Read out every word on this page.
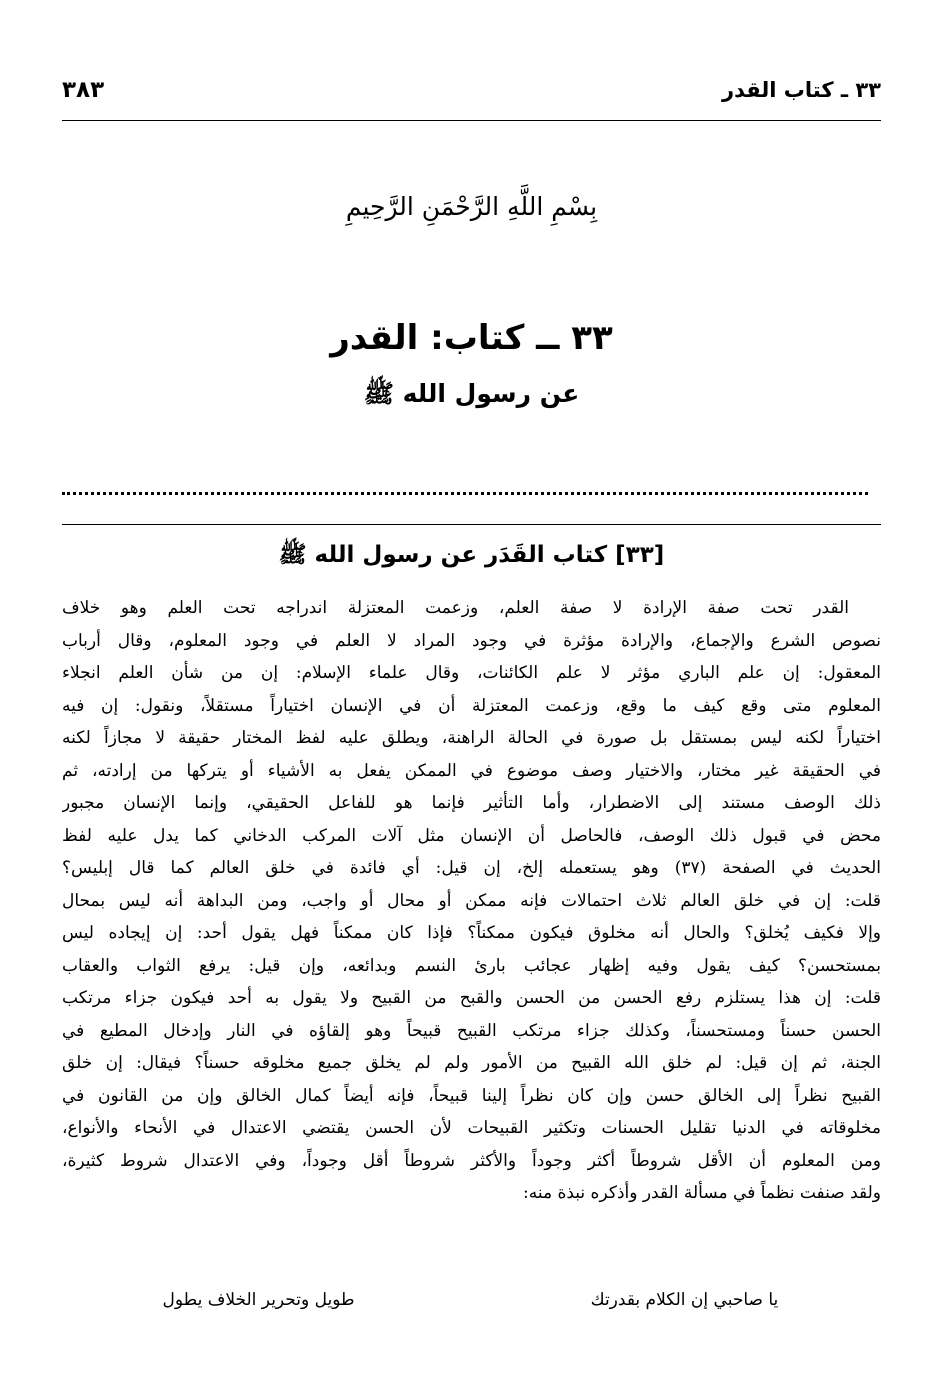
٣٣ ـ كتاب القدر
٣٨٣
بِسْمِ اللَّهِ الرَّحْمَنِ الرَّحِيمِ
٣٣ ــ كتاب: القدر
عن رسول الله ﷺ
[٣٣] كتاب القَدَر عن رسول الله ﷺ
القدر تحت صفة الإرادة لا صفة العلم، وزعمت المعتزلة اندراجه تحت العلم وهو خلاف
نصوص الشرع والإجماع، والإرادة مؤثرة في وجود المراد لا العلم في وجود المعلوم، وقال أرباب
المعقول: إن علم الباري مؤثر لا علم الكائنات، وقال علماء الإسلام: إن من شأن العلم انجلاء
المعلوم متى وقع كيف ما وقع، وزعمت المعتزلة أن في الإنسان اختياراً مستقلاً، ونقول: إن فيه
اختياراً لكنه ليس بمستقل بل صورة في الحالة الراهنة، ويطلق عليه لفظ المختار حقيقة لا مجازاً لكنه
في الحقيقة غير مختار، والاختيار وصف موضوع في الممكن يفعل به الأشياء أو يتركها من إرادته، ثم
ذلك الوصف مستند إلى الاضطرار، وأما التأثير فإنما هو للفاعل الحقيقي، وإنما الإنسان مجبور
محض في قبول ذلك الوصف، فالحاصل أن الإنسان مثل آلات المركب الدخاني كما يدل عليه لفظ
الحديث في الصفحة (٣٧) وهو يستعمله إلخ، إن قيل: أي فائدة في خلق العالم كما قال إبليس؟
قلت: إن في خلق العالم ثلاث احتمالات فإنه ممكن أو محال أو واجب، ومن البداهة أنه ليس بمحال
وإلا فكيف يُخلق؟ والحال أنه مخلوق فيكون ممكناً؟ فإذا كان ممكناً فهل يقول أحد: إن إيجاده ليس
بمستحسن؟ كيف يقول وفيه إظهار عجائب بارئ النسم وبدائعه، وإن قيل: يرفع الثواب والعقاب
قلت: إن هذا يستلزم رفع الحسن من الحسن والقبح من القبيح ولا يقول به أحد فيكون جزاء مرتكب
الحسن حسناً ومستحسناً، وكذلك جزاء مرتكب القبيح قبيحاً وهو إلقاؤه في النار وإدخال المطيع في
الجنة، ثم إن قيل: لم خلق الله القبيح من الأمور ولم لم يخلق جميع مخلوقه حسناً؟ فيقال: إن خلق
القبيح نظراً إلى الخالق حسن وإن كان نظراً إلينا قبيحاً، فإنه أيضاً كمال الخالق وإن من القانون في
مخلوقاته في الدنيا تقليل الحسنات وتكثير القبيحات لأن الحسن يقتضي الاعتدال في الأنحاء والأنواع،
ومن المعلوم أن الأقل شروطاً أكثر وجوداً والأكثر شروطاً أقل وجوداً، وفي الاعتدال شروط كثيرة،
ولقد صنفت نظماً في مسألة القدر وأذكره نبذة منه:
يا صاحبي إن الكلام بقدرتك
طويل وتحرير الخلاف يطول
